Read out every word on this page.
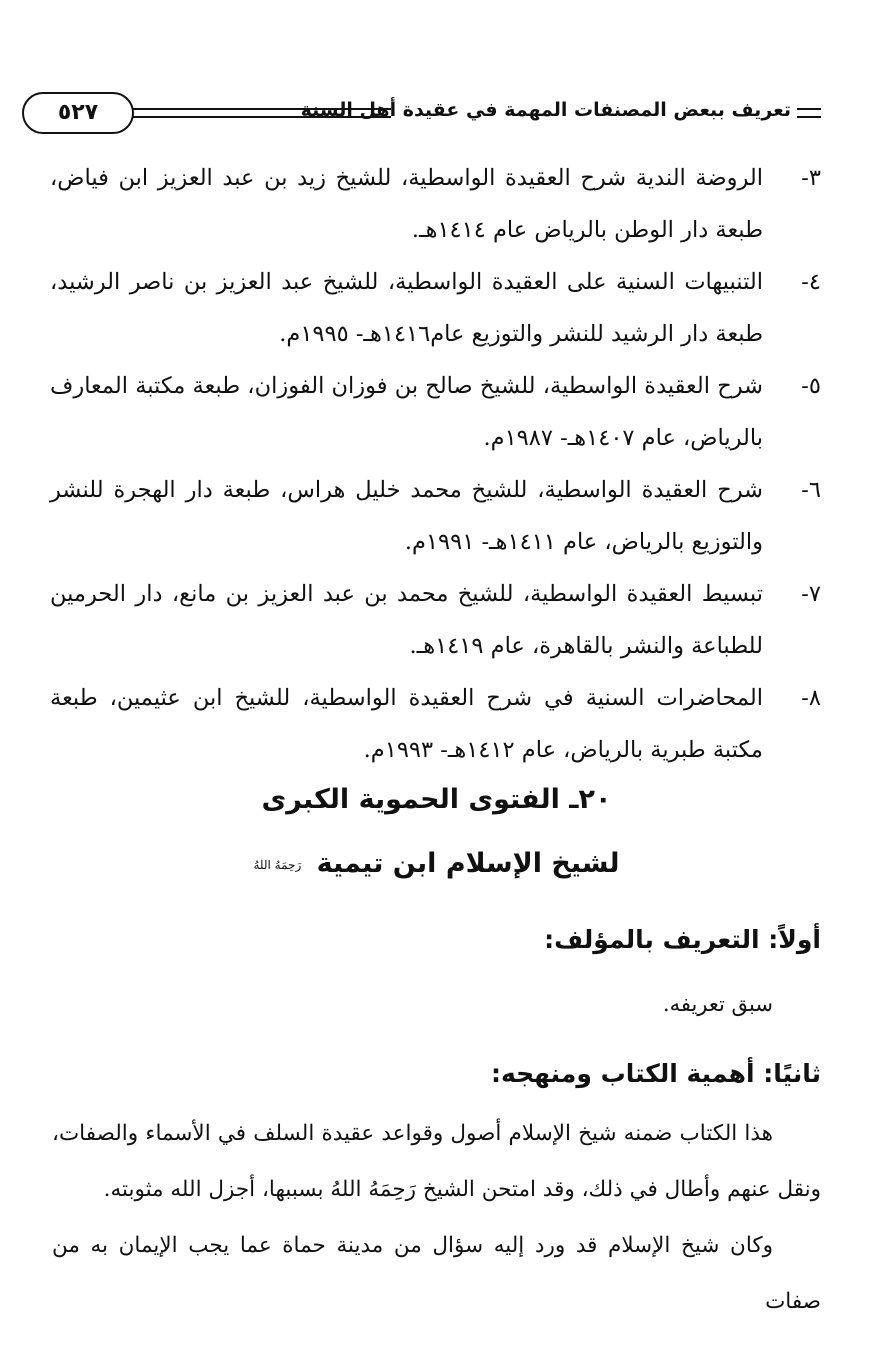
تعريف ببعض المصنفات المهمة في عقيدة أهل السنة
٥٢٧
٣-
الروضة الندية شرح العقيدة الواسطية، للشيخ زيد بن عبد العزيز ابن فياض، طبعة دار الوطن بالرياض عام ١٤١٤هـ.
٤-
التنبيهات السنية على العقيدة الواسطية، للشيخ عبد العزيز بن ناصر الرشيد، طبعة دار الرشيد للنشر والتوزيع عام١٤١٦هـ- ١٩٩٥م.
٥-
شرح العقيدة الواسطية، للشيخ صالح بن فوزان الفوزان، طبعة مكتبة المعارف بالرياض، عام ١٤٠٧هـ- ١٩٨٧م.
٦-
شرح العقيدة الواسطية، للشيخ محمد خليل هراس، طبعة دار الهجرة للنشر والتوزيع بالرياض، عام ١٤١١هـ- ١٩٩١م.
٧-
تبسيط العقيدة الواسطية، للشيخ محمد بن عبد العزيز بن مانع، دار الحرمين للطباعة والنشر بالقاهرة، عام ١٤١٩هـ.
٨-
المحاضرات السنية في شرح العقيدة الواسطية، للشيخ ابن عثيمين، طبعة مكتبة طبرية بالرياض، عام ١٤١٢هـ- ١٩٩٣م.
٢٠ـ الفتوى الحموية الكبرى
لشيخ الإسلام ابن تيمية رَحِمَهُ اللهُ
أولاً: التعريف بالمؤلف:
سبق تعريفه.
ثانيًا: أهمية الكتاب ومنهجه:
هذا الكتاب ضمنه شيخ الإسلام أصول وقواعد عقيدة السلف في الأسماء والصفات، ونقل عنهم وأطال في ذلك، وقد امتحن الشيخ رَحِمَهُ اللهُ بسببها، أجزل الله مثوبته.
وكان شيخ الإسلام قد ورد إليه سؤال من مدينة حماة عما يجب الإيمان به من صفات
